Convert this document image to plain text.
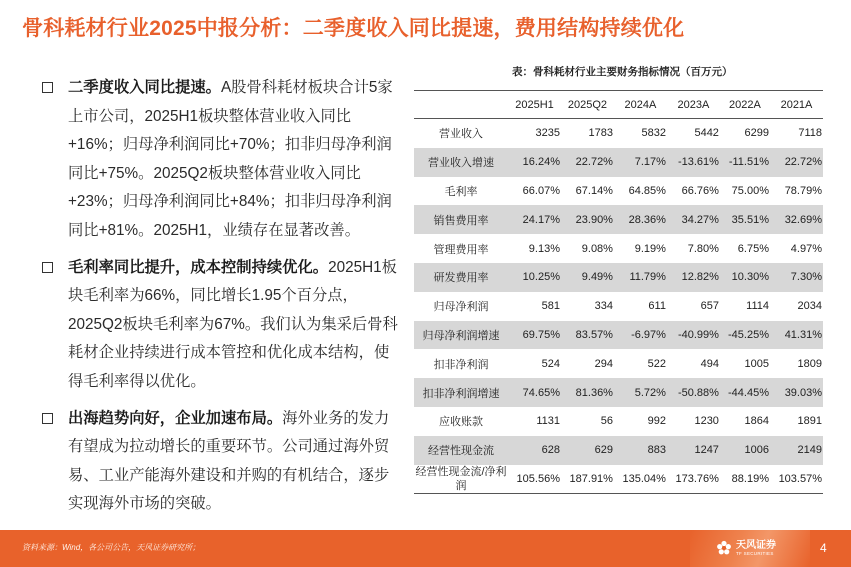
骨科耗材行业2025中报分析：二季度收入同比提速，费用结构持续优化
二季度收入同比提速。A股骨科耗材板块合计5家上市公司，2025H1板块整体营业收入同比+16%；归母净利润同比+70%；扣非归母净利润同比+75%。2025Q2板块整体营业收入同比+23%；归母净利润同比+84%；扣非归母净利润同比+81%。2025H1，业绩存在显著改善。
毛利率同比提升，成本控制持续优化。2025H1板块毛利率为66%，同比增长1.95个百分点，2025Q2板块毛利率为67%。我们认为集采后骨科耗材企业持续进行成本管控和优化成本结构，使得毛利率得以优化。
出海趋势向好，企业加速布局。海外业务的发力有望成为拉动增长的重要环节。公司通过海外贸易、工业产能海外建设和并购的有机结合，逐步实现海外市场的突破。
表：骨科耗材行业主要财务指标情况（百万元）
	2025H1	2025Q2	2024A	2023A	2022A	2021A
营业收入	3235	1783	5832	5442	6299	7118
营业收入增速	16.24%	22.72%	7.17%	-13.61%	-11.51%	22.72%
毛利率	66.07%	67.14%	64.85%	66.76%	75.00%	78.79%
销售费用率	24.17%	23.90%	28.36%	34.27%	35.51%	32.69%
管理费用率	9.13%	9.08%	9.19%	7.80%	6.75%	4.97%
研发费用率	10.25%	9.49%	11.79%	12.82%	10.30%	7.30%
归母净利润	581	334	611	657	1114	2034
归母净利润增速	69.75%	83.57%	-6.97%	-40.99%	-45.25%	41.31%
扣非净利润	524	294	522	494	1005	1809
扣非净利润增速	74.65%	81.36%	5.72%	-50.88%	-44.45%	39.03%
应收账款	1131	56	992	1230	1864	1891
经营性现金流	628	629	883	1247	1006	2149
经营性现金流/净利润	105.56%	187.91%	135.04%	173.76%	88.19%	103.57%
资料来源：Wind，各公司公告，天风证券研究所；	天风证券
TF SECURITIES	4
